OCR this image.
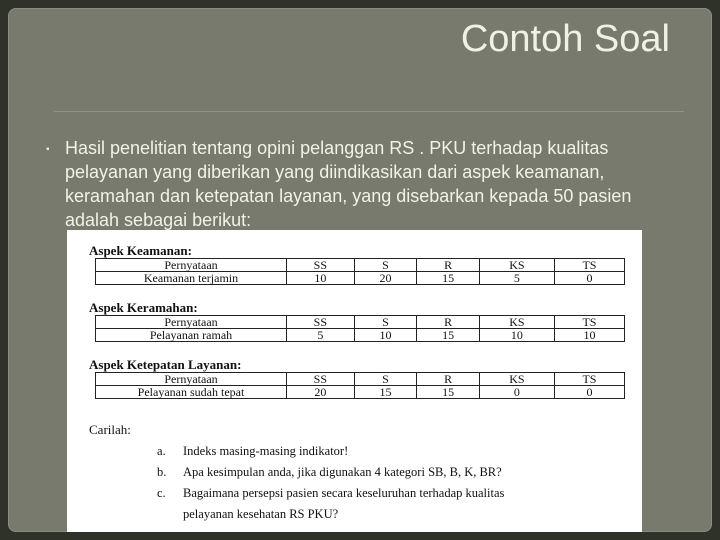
Contoh Soal
▪ Hasil penelitian tentang opini pelanggan RS . PKU terhadap kualitas pelayanan yang diberikan yang diindikasikan dari aspek keamanan, keramahan dan ketepatan layanan, yang disebarkan kepada 50 pasien adalah sebagai berikut:
Aspek Keamanan:
Pernyataan	SS	S	R	KS	TS
Keamanan terjamin	10	20	15	5	0
Aspek Keramahan:
Pernyataan	SS	S	R	KS	TS
Pelayanan ramah	5	10	15	10	10
Aspek Ketepatan Layanan:
Pernyataan	SS	S	R	KS	TS
Pelayanan sudah tepat	20	15	15	0	0
Carilah:
a. Indeks masing-masing indikator!
b. Apa kesimpulan anda, jika digunakan 4 kategori SB, B, K, BR?
c. Bagaimana persepsi pasien secara keseluruhan terhadap kualitas
pelayanan kesehatan RS PKU?
